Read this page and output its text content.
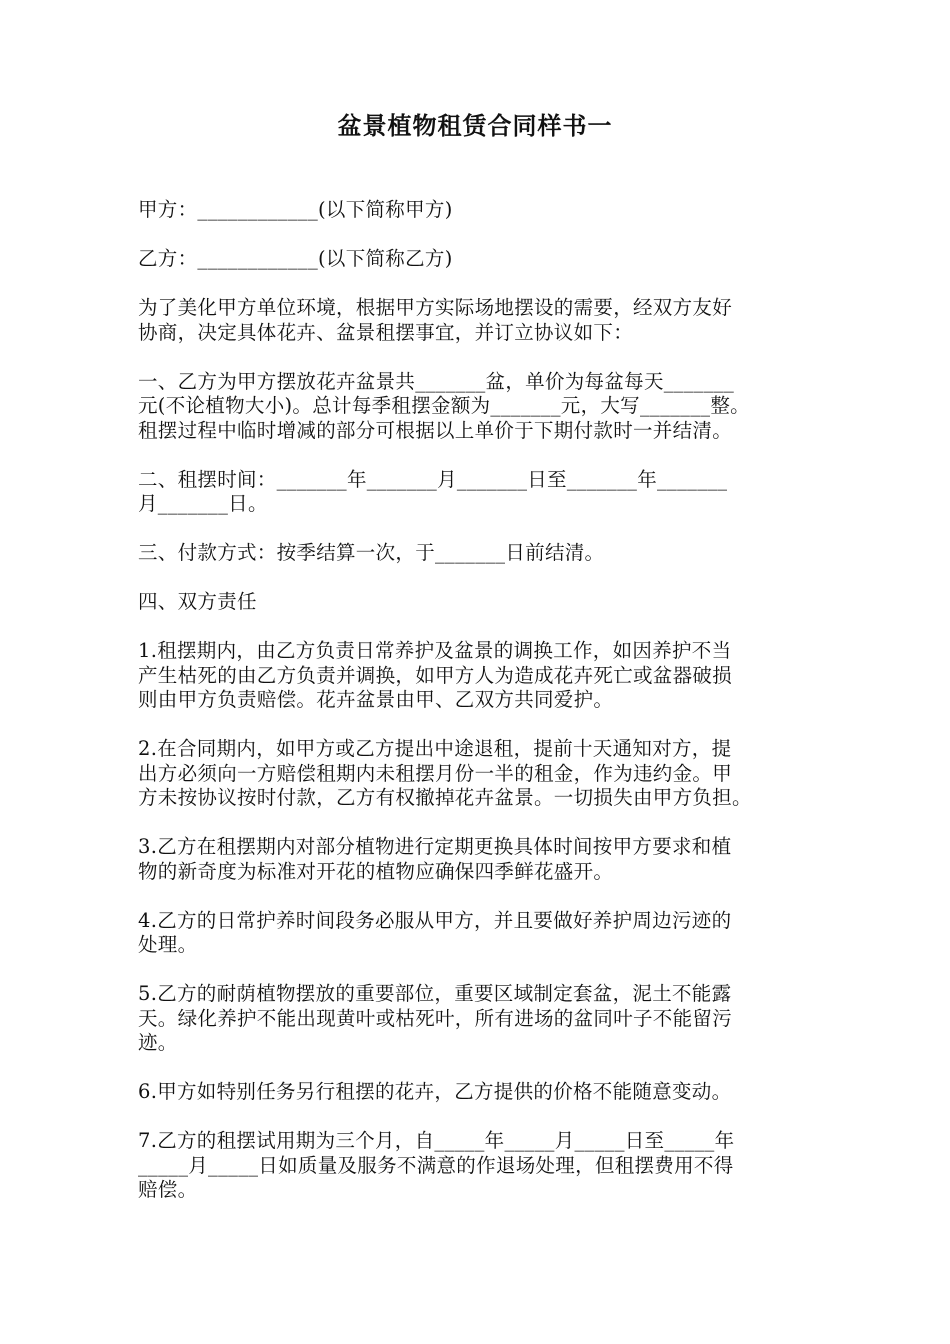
盆景植物租赁合同样书一

甲方：____________(以下简称甲方)

乙方：____________(以下简称乙方)

为了美化甲方单位环境，根据甲方实际场地摆设的需要，经双方友好
协商，决定具体花卉、盆景租摆事宜，并订立协议如下：

一、乙方为甲方摆放花卉盆景共_______盆，单价为每盆每天_______
元(不论植物大小)。总计每季租摆金额为_______元，大写_______整。
租摆过程中临时增减的部分可根据以上单价于下期付款时一并结清。

二、租摆时间：_______年_______月_______日至_______年_______
月_______日。

三、付款方式：按季结算一次，于_______日前结清。

四、双方责任

1.租摆期内，由乙方负责日常养护及盆景的调换工作，如因养护不当
产生枯死的由乙方负责并调换，如甲方人为造成花卉死亡或盆器破损
则由甲方负责赔偿。花卉盆景由甲、乙双方共同爱护。

2.在合同期内，如甲方或乙方提出中途退租，提前十天通知对方，提
出方必须向一方赔偿租期内未租摆月份一半的租金，作为违约金。甲
方未按协议按时付款，乙方有权撤掉花卉盆景。一切损失由甲方负担。

3.乙方在租摆期内对部分植物进行定期更换具体时间按甲方要求和植
物的新奇度为标准对开花的植物应确保四季鲜花盛开。

4.乙方的日常护养时间段务必服从甲方，并且要做好养护周边污迹的
处理。

5.乙方的耐荫植物摆放的重要部位，重要区域制定套盆，泥土不能露
天。绿化养护不能出现黄叶或枯死叶，所有进场的盆同叶子不能留污
迹。

6.甲方如特别任务另行租摆的花卉，乙方提供的价格不能随意变动。

7.乙方的租摆试用期为三个月，自_____年_____月_____日至_____年
_____月_____日如质量及服务不满意的作退场处理，但租摆费用不得
赔偿。
